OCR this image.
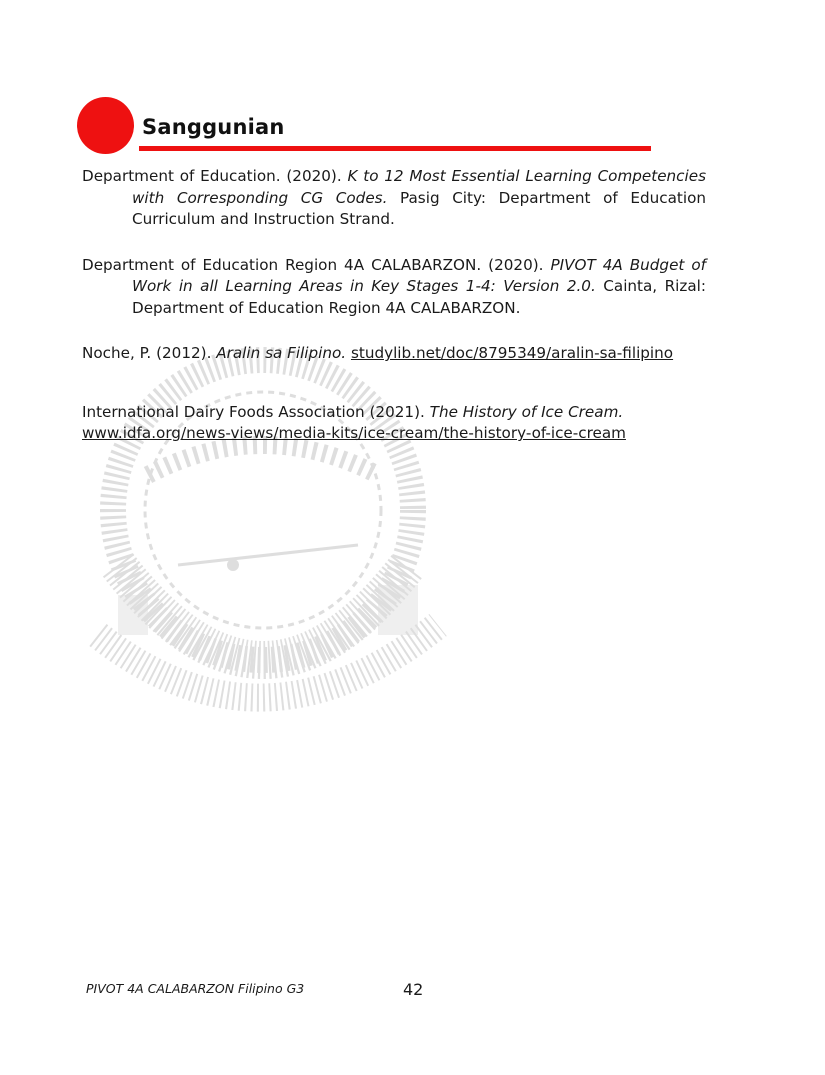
Sanggunian

Department of Education. (2020). K to 12 Most Essential Learning Competencies with Corresponding CG Codes. Pasig City: Department of Education Curriculum and Instruction Strand.

Department of Education Region 4A CALABARZON. (2020). PIVOT 4A Budget of Work in all Learning Areas in Key Stages 1-4: Version 2.0. Cainta, Rizal: Department of Education Region 4A CALABARZON.

Noche, P. (2012). Aralin sa Filipino. studylib.net/doc/8795349/aralin-sa-filipino

International Dairy Foods Association (2021). The History of Ice Cream.
www.idfa.org/news-views/media-kits/ice-cream/the-history-of-ice-cream

PIVOT 4A CALABARZON Filipino G3	42
